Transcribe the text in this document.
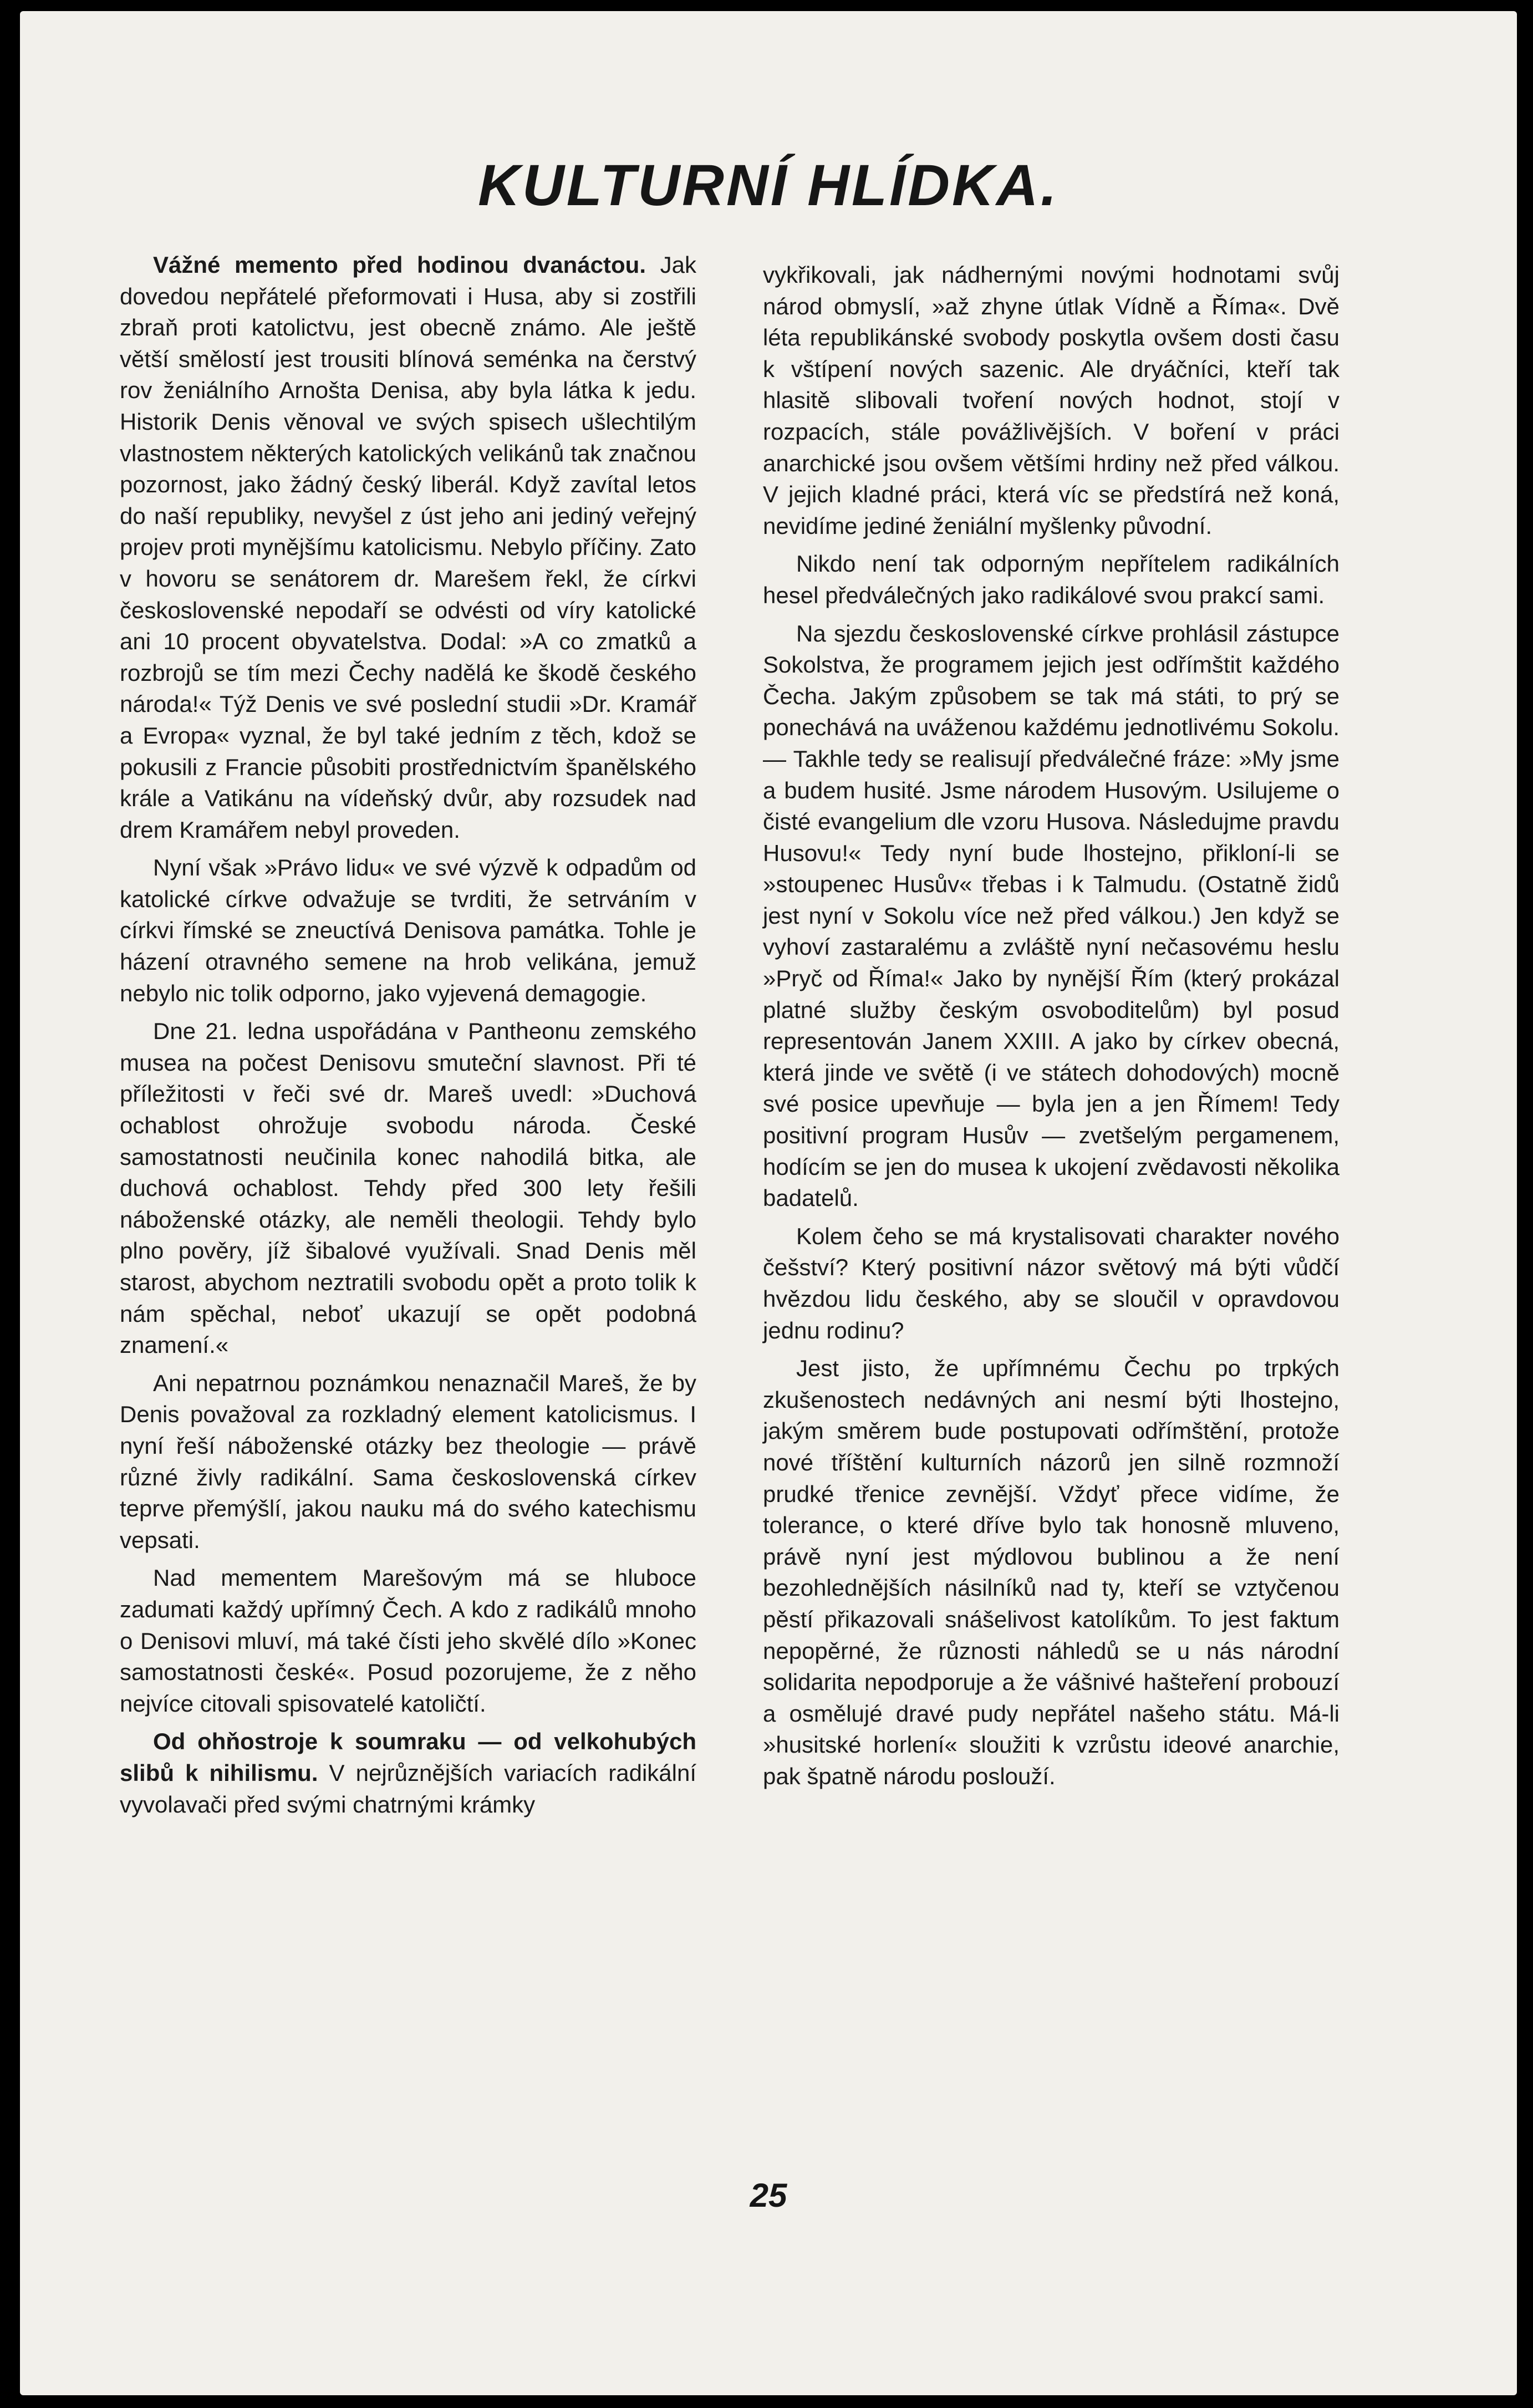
KULTURNÍ HLÍDKA.

Vážné memento před hodinou dvanáctou. Jak dovedou nepřátelé přeformovati i Husa, aby si zostřili zbraň proti katolictvu, jest obecně známo. Ale ještě větší smělostí jest trousiti blínová seménka na čerstvý rov ženiálního Arnošta Denisa, aby byla látka k jedu. Historik Denis věnoval ve svých spisech ušlechtilým vlastnostem některých katolických velikánů tak značnou pozornost, jako žádný český liberál. Když zavítal letos do naší republiky, nevyšel z úst jeho ani jediný veřejný projev proti mynějšímu katolicismu. Nebylo příčiny. Zato v hovoru se senátorem dr. Marešem řekl, že církvi československé nepodaří se odvésti od víry katolické ani 10 procent obyvatelstva. Dodal: »A co zmatků a rozbrojů se tím mezi Čechy nadělá ke škodě českého národa!« Týž Denis ve své poslední studii »Dr. Kramář a Evropa« vyznal, že byl také jedním z těch, kdož se pokusili z Francie působiti prostřednictvím španělského krále a Vatikánu na vídeňský dvůr, aby rozsudek nad drem Kramářem nebyl proveden.

Nyní však »Právo lidu« ve své výzvě k odpadům od katolické církve odvažuje se tvrditi, že setrváním v církvi římské se zneuctívá Denisova památka. Tohle je házení otravného semene na hrob velikána, jemuž nebylo nic tolik odporno, jako vyjevená demagogie.

Dne 21. ledna uspořádána v Pantheonu zemského musea na počest Denisovu smuteční slavnost. Při té příležitosti v řeči své dr. Mareš uvedl: »Duchová ochablost ohrožuje svobodu národa. České samostatnosti neučinila konec nahodilá bitka, ale duchová ochablost. Tehdy před 300 lety řešili náboženské otázky, ale neměli theologii. Tehdy bylo plno pověry, jíž šibalové využívali. Snad Denis měl starost, abychom neztratili svobodu opět a proto tolik k nám spěchal, neboť ukazují se opět podobná znamení.«

Ani nepatrnou poznámkou nenaznačil Mareš, že by Denis považoval za rozkladný element katolicismus. I nyní řeší náboženské otázky bez theologie — právě různé živly radikální. Sama československá církev teprve přemýšlí, jakou nauku má do svého katechismu vepsati.

Nad mementem Marešovým má se hluboce zadumati každý upřímný Čech. A kdo z radikálů mnoho o Denisovi mluví, má také čísti jeho skvělé dílo »Konec samostatnosti české«. Posud pozorujeme, že z něho nejvíce citovali spisovatelé katoličtí.

Od ohňostroje k soumraku — od velkohubých slibů k nihilismu. V nejrůznějších variacích radikální vyvolavači před svými chatrnými krámky

vykřikovali, jak nádhernými novými hodnotami svůj národ obmyslí, »až zhyne útlak Vídně a Říma«. Dvě léta republikánské svobody poskytla ovšem dosti času k vštípení nových sazenic. Ale dryáčníci, kteří tak hlasitě slibovali tvoření nových hodnot, stojí v rozpacích, stále povážlivějších. V boření v práci anarchické jsou ovšem většími hrdiny než před válkou. V jejich kladné práci, která víc se předstírá než koná, nevidíme jediné ženiální myšlenky původní.

Nikdo není tak odporným nepřítelem radikálních hesel předválečných jako radikálové svou prakcí sami.

Na sjezdu československé církve prohlásil zástupce Sokolstva, že programem jejich jest odřímštit každého Čecha. Jakým způsobem se tak má státi, to prý se ponechává na uváženou každému jednotlivému Sokolu. — Takhle tedy se realisují předválečné fráze: »My jsme a budem husité. Jsme národem Husovým. Usilujeme o čisté evangelium dle vzoru Husova. Následujme pravdu Husovu!« Tedy nyní bude lhostejno, přikloní-li se »stoupenec Husův« třebas i k Talmudu. (Ostatně židů jest nyní v Sokolu více než před válkou.) Jen když se vyhoví zastaralému a zvláště nyní nečasovému heslu »Pryč od Říma!« Jako by nynější Řím (který prokázal platné služby českým osvoboditelům) byl posud representován Janem XXIII. A jako by církev obecná, která jinde ve světě (i ve státech dohodových) mocně své posice upevňuje — byla jen a jen Římem! Tedy positivní program Husův — zvetšelým pergamenem, hodícím se jen do musea k ukojení zvědavosti několika badatelů.

Kolem čeho se má krystalisovati charakter nového češství? Který positivní názor světový má býti vůdčí hvězdou lidu českého, aby se sloučil v opravdovou jednu rodinu?

Jest jisto, že upřímnému Čechu po trpkých zkušenostech nedávných ani nesmí býti lhostejno, jakým směrem bude postupovati odřímštění, protože nové tříštění kulturních názorů jen silně rozmnoží prudké třenice zevnější. Vždyť přece vidíme, že tolerance, o které dříve bylo tak honosně mluveno, právě nyní jest mýdlovou bublinou a že není bezohlednějších násilníků nad ty, kteří se vztyčenou pěstí přikazovali snášelivost katolíkům. To jest faktum nepopěrné, že různosti náhledů se u nás národní solidarita nepodporuje a že vášnivé hašteření probouzí a osmělujé dravé pudy nepřátel našeho státu. Má-li »husitské horlení« sloužiti k vzrůstu ideové anarchie, pak špatně národu poslouží.

25
